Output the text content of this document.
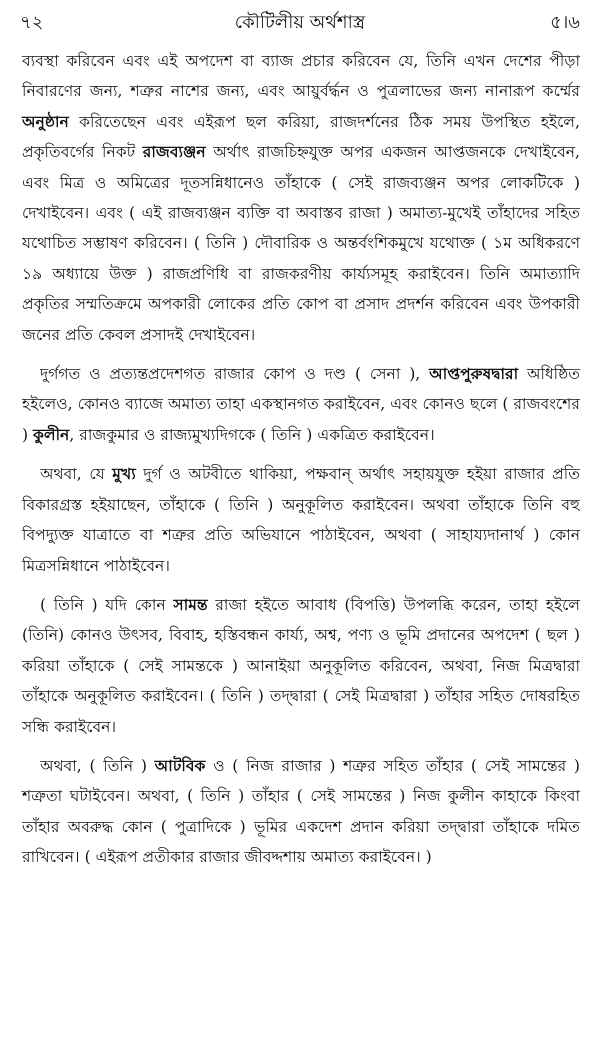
৭২	কৌটিলীয় অর্থশাস্ত্র	৫।৬

ব্যবস্থা করিবেন এবং এই অপদেশ বা ব্যাজ প্রচার করিবেন যে, তিনি এখন দেশের পীড়া নিবারণের জন্য, শত্রুর নাশের জন্য, এবং আয়ুর্বর্দ্ধন ও পুত্রলাভের জন্য নানারূপ কর্ম্মের অনুষ্ঠান করিতেছেন এবং এইরূপ ছল করিয়া, রাজদর্শনের ঠিক সময় উপস্থিত হইলে, প্রকৃতিবর্গের নিকট রাজব্যঞ্জন অর্থাৎ রাজচিহ্নযুক্ত অপর একজন আপ্তজনকে দেখাইবেন, এবং মিত্র ও অমিত্রের দূতসন্নিধানেও তাঁহাকে ( সেই রাজব্যঞ্জন অপর লোকটিকে ) দেখাইবেন। এবং ( এই রাজব্যঞ্জন ব্যক্তি বা অবাস্তব রাজা ) অমাত্য-মুখেই তাঁহাদের সহিত যথোচিত সম্ভাষণ করিবেন। ( তিনি ) দৌবারিক ও অন্তর্বংশিকমুখে যথোক্ত ( ১ম অধিকরণে ১৯ অধ্যায়ে উক্ত ) রাজপ্রণিধি বা রাজকরণীয় কার্য্যসমূহ করাইবেন। তিনি অমাত্যাদি প্রকৃতির সম্মতিক্রমে অপকারী লোকের প্রতি কোপ বা প্রসাদ প্রদর্শন করিবেন এবং উপকারী জনের প্রতি কেবল প্রসাদই দেখাইবেন।

দুর্গগত ও প্রত্যন্তপ্রদেশগত রাজার কোপ ও দণ্ড ( সেনা ), আপ্তপুরুষদ্বারা অধিষ্ঠিত হইলেও, কোনও ব্যাজে অমাত্য তাহা একস্থানগত করাইবেন, এবং কোনও ছলে ( রাজবংশের ) কুলীন, রাজকুমার ও রাজ্যমুখ্যদিগকে ( তিনি ) একত্রিত করাইবেন।

অথবা, যে মুখ্য দুর্গ ও অটবীতে থাকিয়া, পক্ষবান্ অর্থাৎ সহায়যুক্ত হইয়া রাজার প্রতি বিকারগ্রস্ত হইয়াছেন, তাঁহাকে ( তিনি ) অনুকূলিত করাইবেন। অথবা তাঁহাকে তিনি বহু বিপদ্যুক্ত যাত্রাতে বা শত্রুর প্রতি অভিযানে পাঠাইবেন, অথবা ( সাহায্যদানার্থ ) কোন মিত্রসন্নিধানে পাঠাইবেন।

( তিনি ) যদি কোন সামন্ত রাজা হইতে আবাধ (বিপত্তি) উপলব্ধি করেন, তাহা হইলে (তিনি) কোনও উৎসব, বিবাহ, হস্তিবন্ধন কার্য্য, অশ্ব, পণ্য ও ভূমি প্রদানের অপদেশ ( ছল ) করিয়া তাঁহাকে ( সেই সামন্তকে ) আনাইয়া অনুকূলিত করিবেন, অথবা, নিজ মিত্রদ্বারা তাঁহাকে অনুকূলিত করাইবেন। ( তিনি ) তদ্দ্বারা ( সেই মিত্রদ্বারা ) তাঁহার সহিত দোষরহিত সন্ধি করাইবেন।

অথবা, ( তিনি ) আটবিক ও ( নিজ রাজার ) শত্রুর সহিত তাঁহার ( সেই সামন্তের ) শত্রুতা ঘটাইবেন। অথবা, ( তিনি ) তাঁহার ( সেই সামন্তের ) নিজ কুলীন কাহাকে কিংবা তাঁহার অবরুদ্ধ কোন ( পুত্রাদিকে ) ভূমির একদেশ প্রদান করিয়া তদ্দ্বারা তাঁহাকে দমিত রাখিবেন। ( এইরূপ প্রতীকার রাজার জীবদ্দশায় অমাত্য করাইবেন। )
